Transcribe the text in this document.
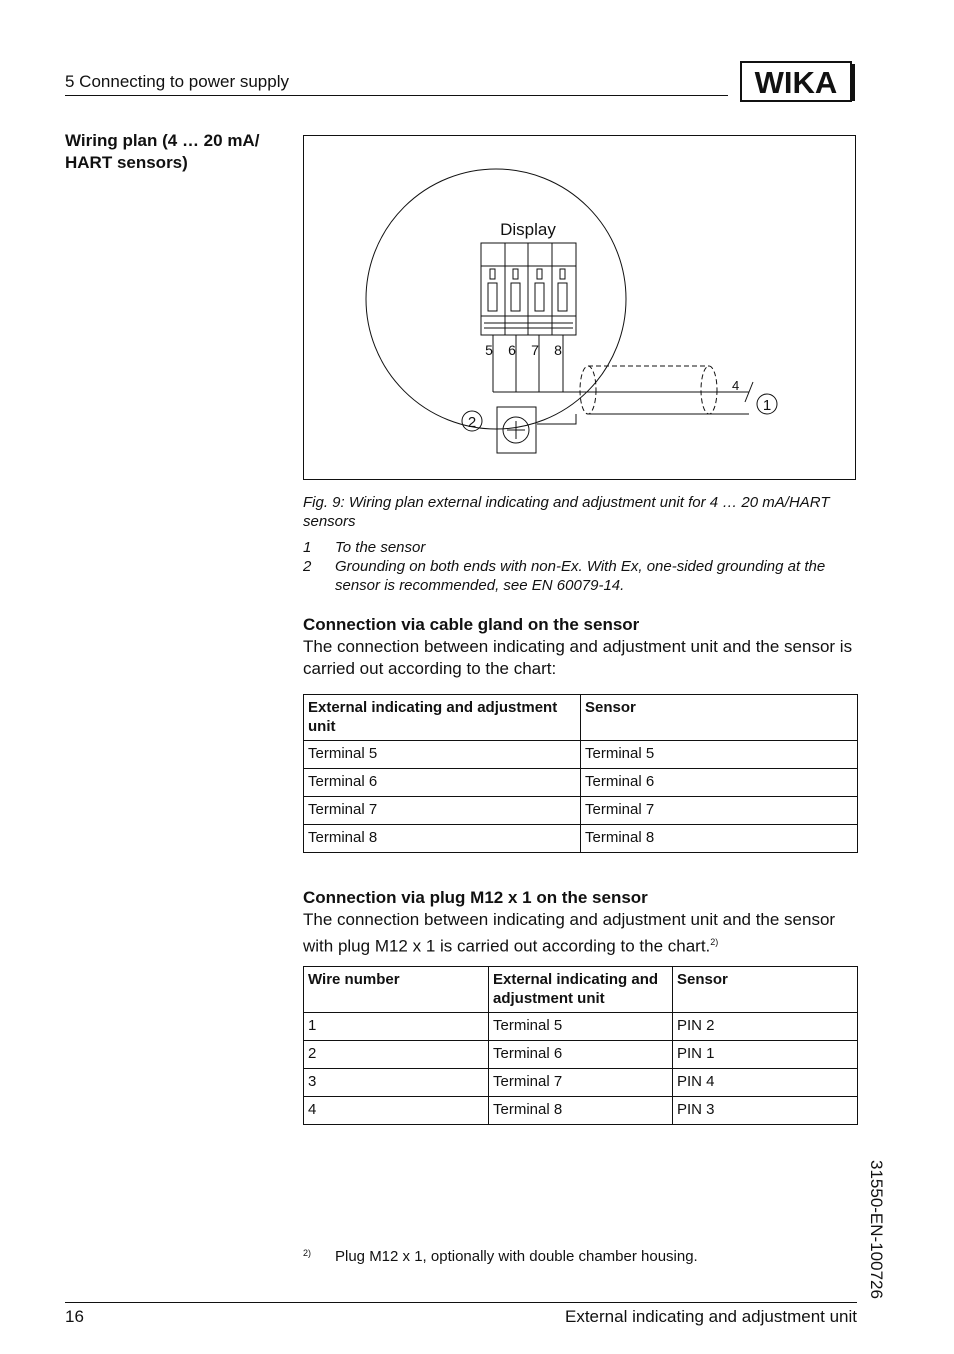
5 Connecting to power supply	WIKA
Wiring plan (4 … 20 mA/ HART sensors)
Display
5 6 7 8
4
2
1
Fig. 9: Wiring plan external indicating and adjustment unit for 4 … 20 mA/HART sensors
1	To the sensor
2	Grounding on both ends with non-Ex. With Ex, one-sided grounding at the sensor is recommended, see EN 60079-14.
Connection via cable gland on the sensor
The connection between indicating and adjustment unit and the sensor is carried out according to the chart:
External indicating and adjustment unit	Sensor
Terminal 5	Terminal 5
Terminal 6	Terminal 6
Terminal 7	Terminal 7
Terminal 8	Terminal 8
Connection via plug M12 x 1 on the sensor
The connection between indicating and adjustment unit and the sensor with plug M12 x 1 is carried out according to the chart.$^{2)}$
Wire number	External indicating and adjustment unit	Sensor
1	Terminal 5	PIN 2
2	Terminal 6	PIN 1
3	Terminal 7	PIN 4
4	Terminal 8	PIN 3
31550-EN-100726
2) Plug M12 x 1, optionally with double chamber housing.
16	External indicating and adjustment unit
